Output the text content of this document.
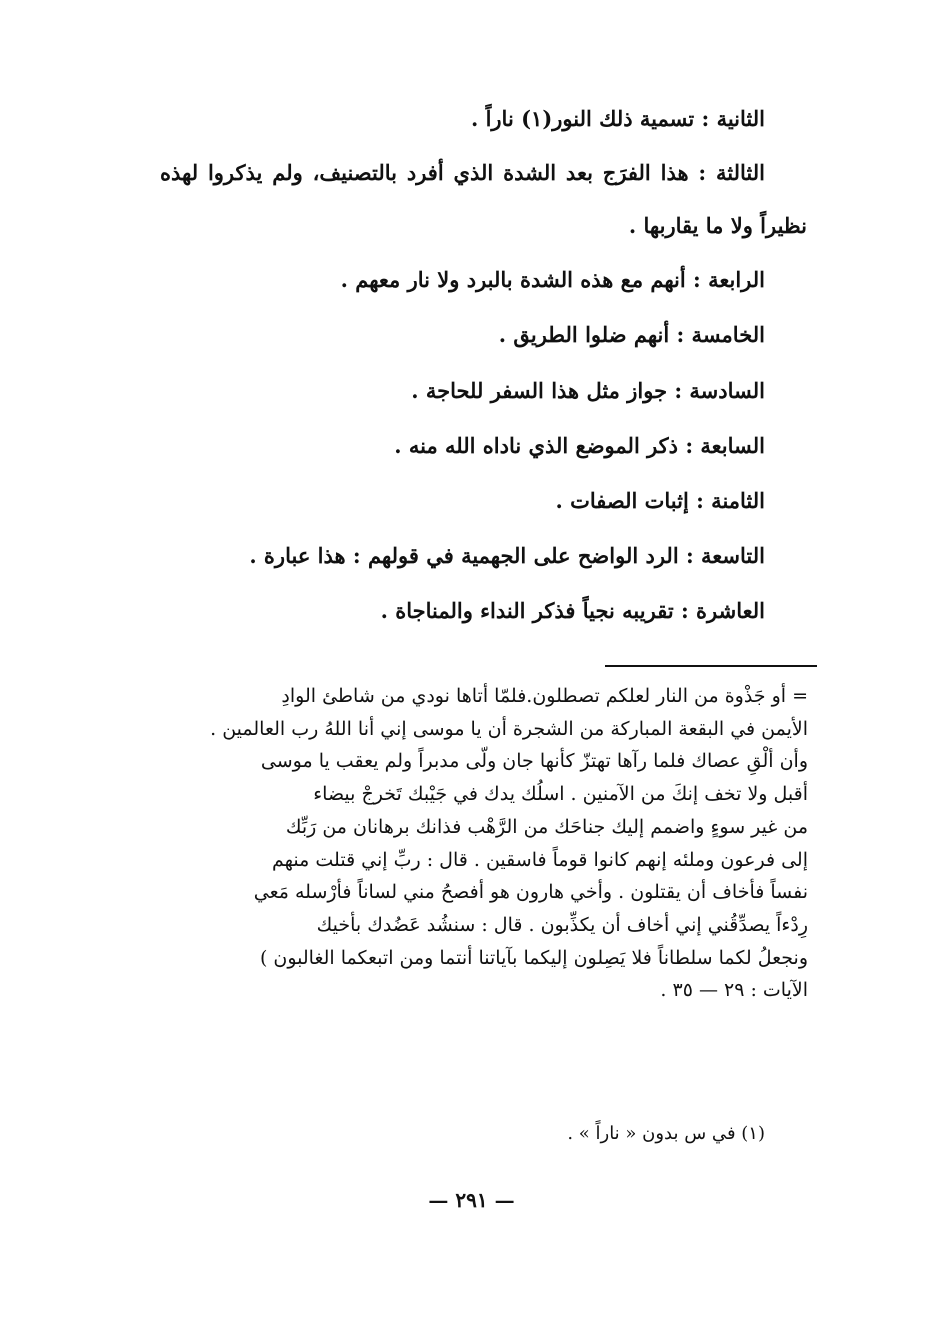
الثانية : تسمية ذلك النور(١) ناراً .
الثالثة : هذا الفرَج بعد الشدة الذي أفرد بالتصنيف، ولم يذكروا لهذه
نظيراً ولا ما يقاربها .
الرابعة : أنهم مع هذه الشدة بالبرد ولا نار معهم .
الخامسة : أنهم ضلوا الطريق .
السادسة : جواز مثل هذا السفر للحاجة .
السابعة : ذكر الموضع الذي ناداه الله منه .
الثامنة : إثبات الصفات .
التاسعة : الرد الواضح على الجهمية في قولهم : هذا عبارة .
العاشرة : تقريبه نجياً فذكر النداء والمناجاة .
= أو جَذْوة من النار لعلكم تصطلون.فلمّا أتاها نودي من شاطئ الوادِ
الأيمن في البقعة المباركة من الشجرة أن يا موسى إني أنا اللهُ رب العالمين .
وأن ألْقِ عصاك فلما رآها تهتزّ كأنها جان ولّى مدبراً ولم يعقب يا موسى
أقبل ولا تخف إنكَ من الآمنين . اسلُك يدك في جَيْبك تَخرجْ بيضاء
من غير سوءٍ واضمم إليك جناحَك من الرَّهْب فذانك برهانان من رَبِّك
إلى فرعون وملئه إنهم كانوا قوماً فاسقين . قال : ربِّ إني قتلت منهم
نفساً فأخاف أن يقتلون . وأخي هارون هو أفصحُ مني لساناً فأرْسله مَعي
رِدْءاً يصدِّقُني إني أخاف أن يكذِّبون . قال : سنشُد عَضُدك بأخيك
ونجعلُ لكما سلطاناً فلا يَصِلون إليكما بآياتنا أنتما ومن اتبعكما الغالبون )
الآيات : ٢٩ — ٣٥ .
(١) في س بدون « ناراً » .
— ٢٩١ —
